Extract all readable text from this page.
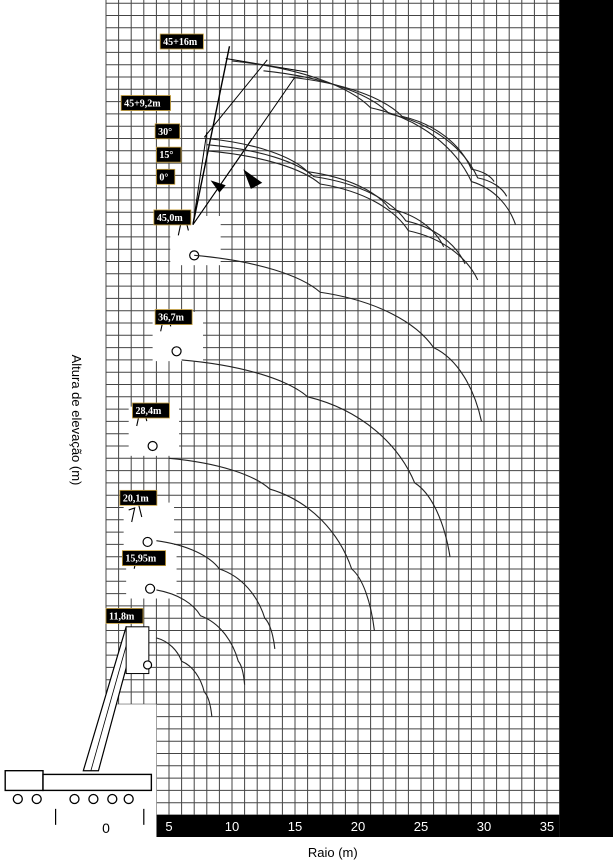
5
10
15
20
25
30
35
40
45
50
55
60
65
5	10	15	20	25	30	35
45+16m
45+9,2m
30°
15°
0°
45,0m
36,7m
28,4m
20,1m
15,95m
11,8m
0
Altura de elevação (m)
Raio (m)
